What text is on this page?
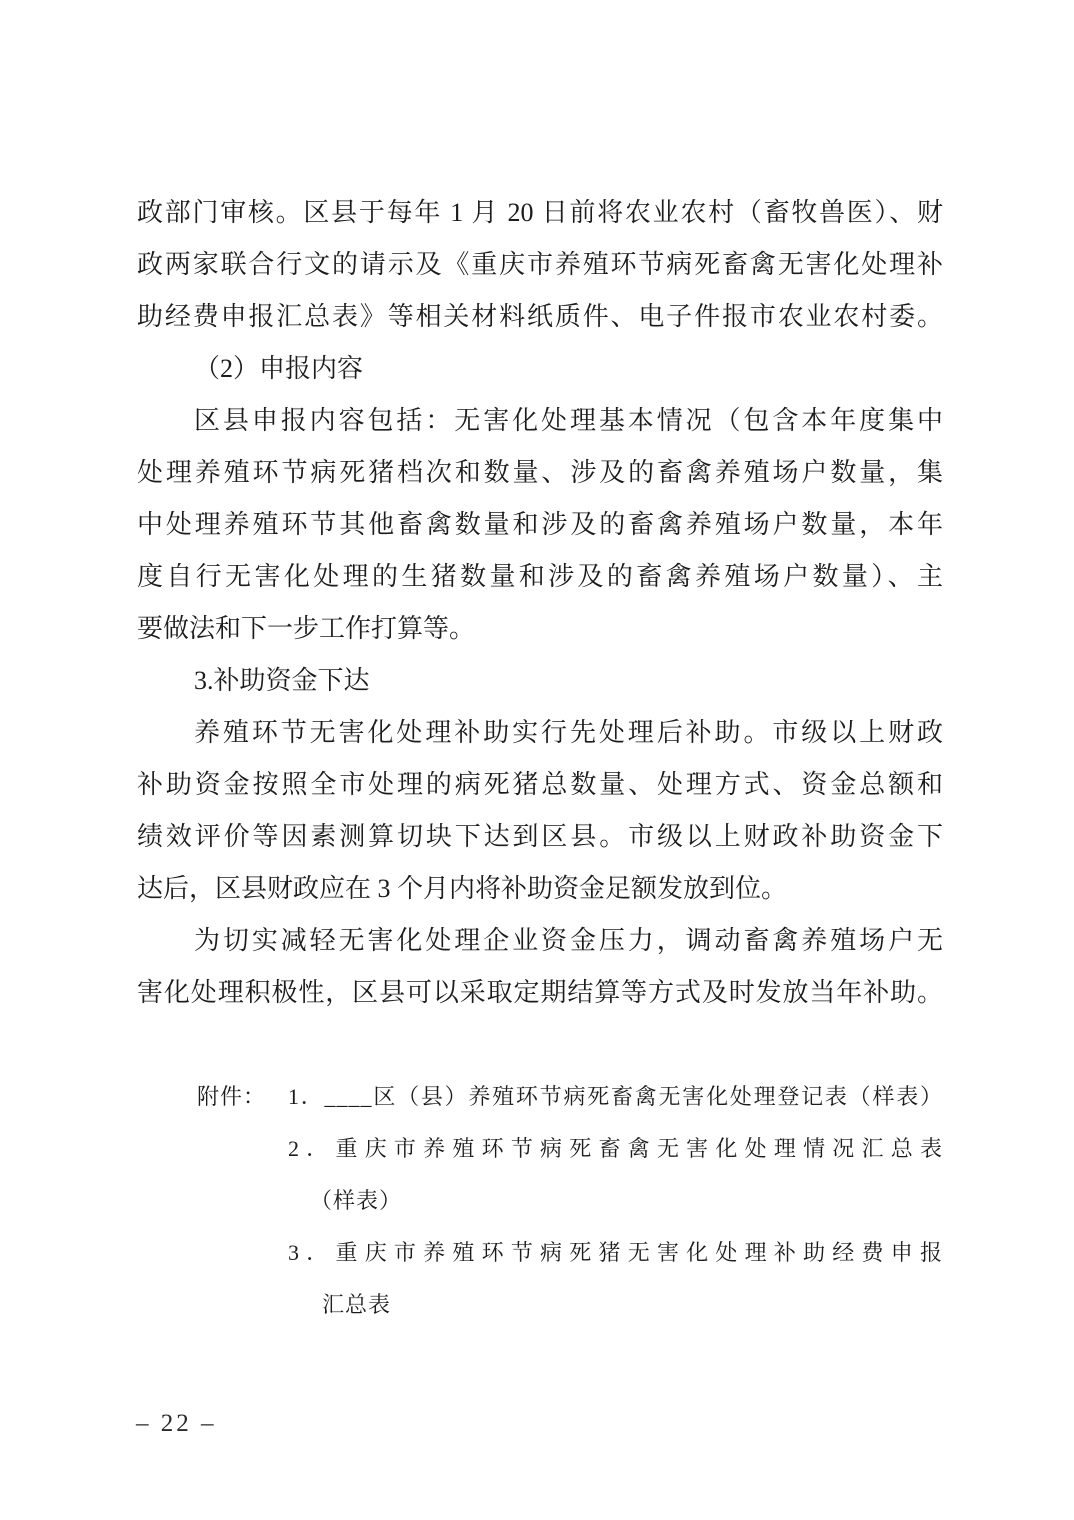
政部门审核。区县于每年 1 月 20 日前将农业农村（畜牧兽医）、财
政两家联合行文的请示及《重庆市养殖环节病死畜禽无害化处理补
助经费申报汇总表》等相关材料纸质件、电子件报市农业农村委。
（2）申报内容
区县申报内容包括：无害化处理基本情况（包含本年度集中
处理养殖环节病死猪档次和数量、涉及的畜禽养殖场户数量，集
中处理养殖环节其他畜禽数量和涉及的畜禽养殖场户数量，本年
度自行无害化处理的生猪数量和涉及的畜禽养殖场户数量）、主
要做法和下一步工作打算等。
3.补助资金下达
养殖环节无害化处理补助实行先处理后补助。市级以上财政
补助资金按照全市处理的病死猪总数量、处理方式、资金总额和
绩效评价等因素测算切块下达到区县。市级以上财政补助资金下
达后，区县财政应在 3 个月内将补助资金足额发放到位。
为切实减轻无害化处理企业资金压力，调动畜禽养殖场户无
害化处理积极性，区县可以采取定期结算等方式及时发放当年补助。
附件： 1．____区（县）养殖环节病死畜禽无害化处理登记表（样表）
2．重庆市养殖环节病死畜禽无害化处理情况汇总表
（样表）
3．重庆市养殖环节病死猪无害化处理补助经费申报
汇总表
– 22 –
